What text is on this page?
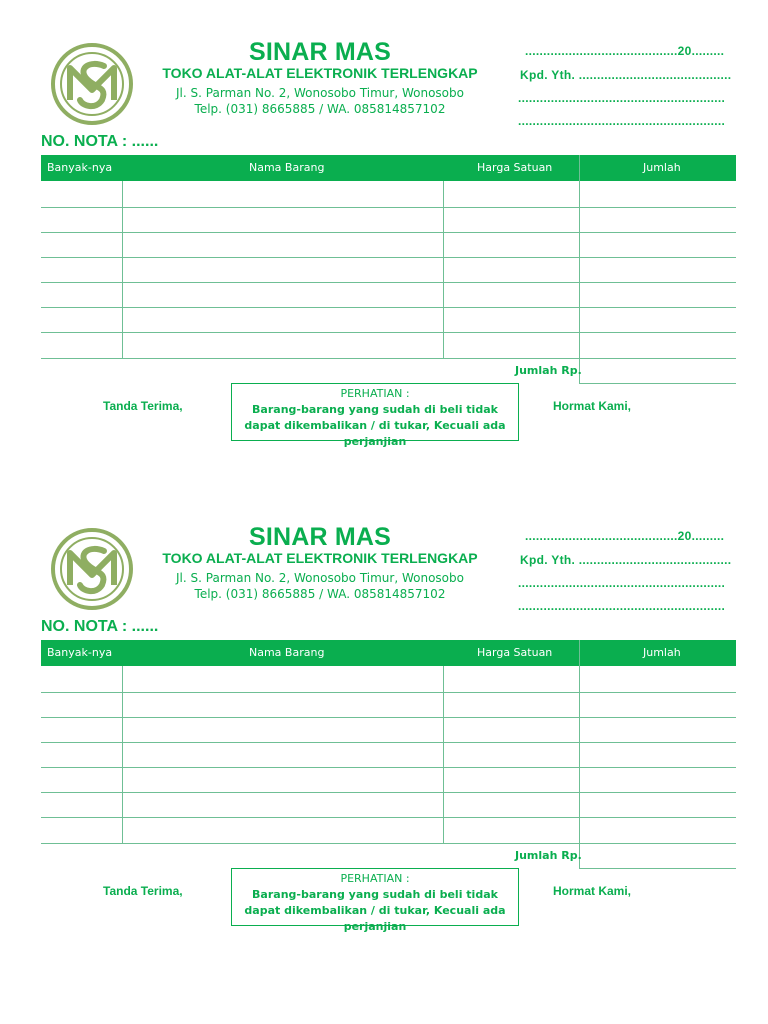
SINAR MAS
TOKO ALAT-ALAT ELEKTRONIK TERLENGKAP
Jl. S. Parman No. 2, Wonosobo Timur, Wonosobo
Telp. (031) 8665885 / WA. 085814857102
..........................................20.........
Kpd. Yth. ..........................................
.........................................................
.........................................................
NO. NOTA : ......
Banyak-nya	Nama Barang	Harga Satuan	Jumlah
Jumlah Rp.
Tanda Terima,
PERHATIAN :
Barang-barang yang sudah di beli tidak dapat dikembalikan / di tukar, Kecuali ada perjanjian
Hormat Kami,
SINAR MAS
TOKO ALAT-ALAT ELEKTRONIK TERLENGKAP
Jl. S. Parman No. 2, Wonosobo Timur, Wonosobo
Telp. (031) 8665885 / WA. 085814857102
..........................................20.........
Kpd. Yth. ..........................................
.........................................................
.........................................................
NO. NOTA : ......
Banyak-nya	Nama Barang	Harga Satuan	Jumlah
Jumlah Rp.
Tanda Terima,
PERHATIAN :
Barang-barang yang sudah di beli tidak dapat dikembalikan / di tukar, Kecuali ada perjanjian
Hormat Kami,
